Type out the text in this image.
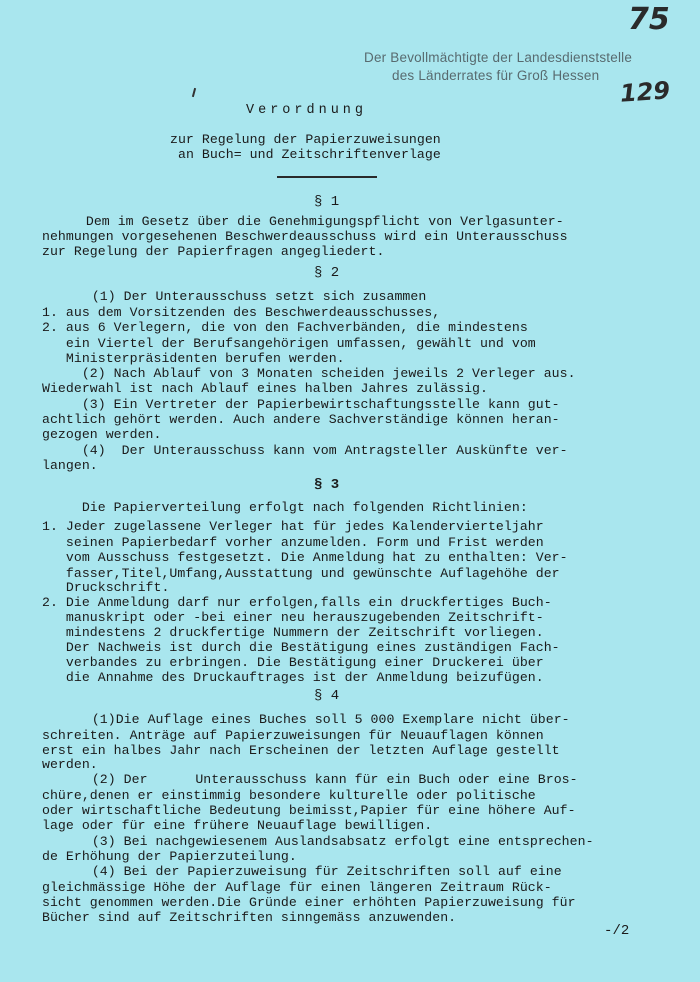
75
129
Der Bevollmächtigte der Landesdienststelle
des Länderrates für Groß Hessen
Verordnung
zur Regelung der Papierzuweisungen
an Buch= und Zeitschriftenverlage
§ 1
Dem im Gesetz über die Genehmigungspflicht von Verlgasunter-
nehmungen vorgesehenen Beschwerdeausschuss wird ein Unterausschuss
zur Regelung der Papierfragen angegliedert.
§ 2
(1) Der Unterausschuss setzt sich zusammen
1. aus dem Vorsitzenden des Beschwerdeausschusses,
2. aus 6 Verlegern, die von den Fachverbänden, die mindestens
ein Viertel der Berufsangehörigen umfassen, gewählt und vom
Ministerpräsidenten berufen werden.
(2) Nach Ablauf von 3 Monaten scheiden jeweils 2 Verleger aus.
Wiederwahl ist nach Ablauf eines halben Jahres zulässig.
(3) Ein Vertreter der Papierbewirtschaftungsstelle kann gut-
achtlich gehört werden. Auch andere Sachverständige können heran-
gezogen werden.
(4)  Der Unterausschuss kann vom Antragsteller Auskünfte ver-
langen.
§ 3
Die Papierverteilung erfolgt nach folgenden Richtlinien:
1. Jeder zugelassene Verleger hat für jedes Kalendervierteljahr
seinen Papierbedarf vorher anzumelden. Form und Frist werden
vom Ausschuss festgesetzt. Die Anmeldung hat zu enthalten: Ver-
fasser,Titel,Umfang,Ausstattung und gewünschte Auflagehöhe der
Druckschrift.
2. Die Anmeldung darf nur erfolgen,falls ein druckfertiges Buch-
manuskript oder -bei einer neu herauszugebenden Zeitschrift-
mindestens 2 druckfertige Nummern der Zeitschrift vorliegen.
Der Nachweis ist durch die Bestätigung eines zuständigen Fach-
verbandes zu erbringen. Die Bestätigung einer Druckerei über
die Annahme des Druckauftrages ist der Anmeldung beizufügen.
§ 4
(1)Die Auflage eines Buches soll 5 000 Exemplare nicht über-
schreiten. Anträge auf Papierzuweisungen für Neuauflagen können
erst ein halbes Jahr nach Erscheinen der letzten Auflage gestellt
werden.
(2) Der      Unterausschuss kann für ein Buch oder eine Bros-
chüre,denen er einstimmig besondere kulturelle oder politische
oder wirtschaftliche Bedeutung beimisst,Papier für eine höhere Auf-
lage oder für eine frühere Neuauflage bewilligen.
(3) Bei nachgewiesenem Auslandsabsatz erfolgt eine entsprechen-
de Erhöhung der Papierzuteilung.
(4) Bei der Papierzuweisung für Zeitschriften soll auf eine
gleichmässige Höhe der Auflage für einen längeren Zeitraum Rück-
sicht genommen werden.Die Gründe einer erhöhten Papierzuweisung für
Bücher sind auf Zeitschriften sinngemäss anzuwenden.
-/2
